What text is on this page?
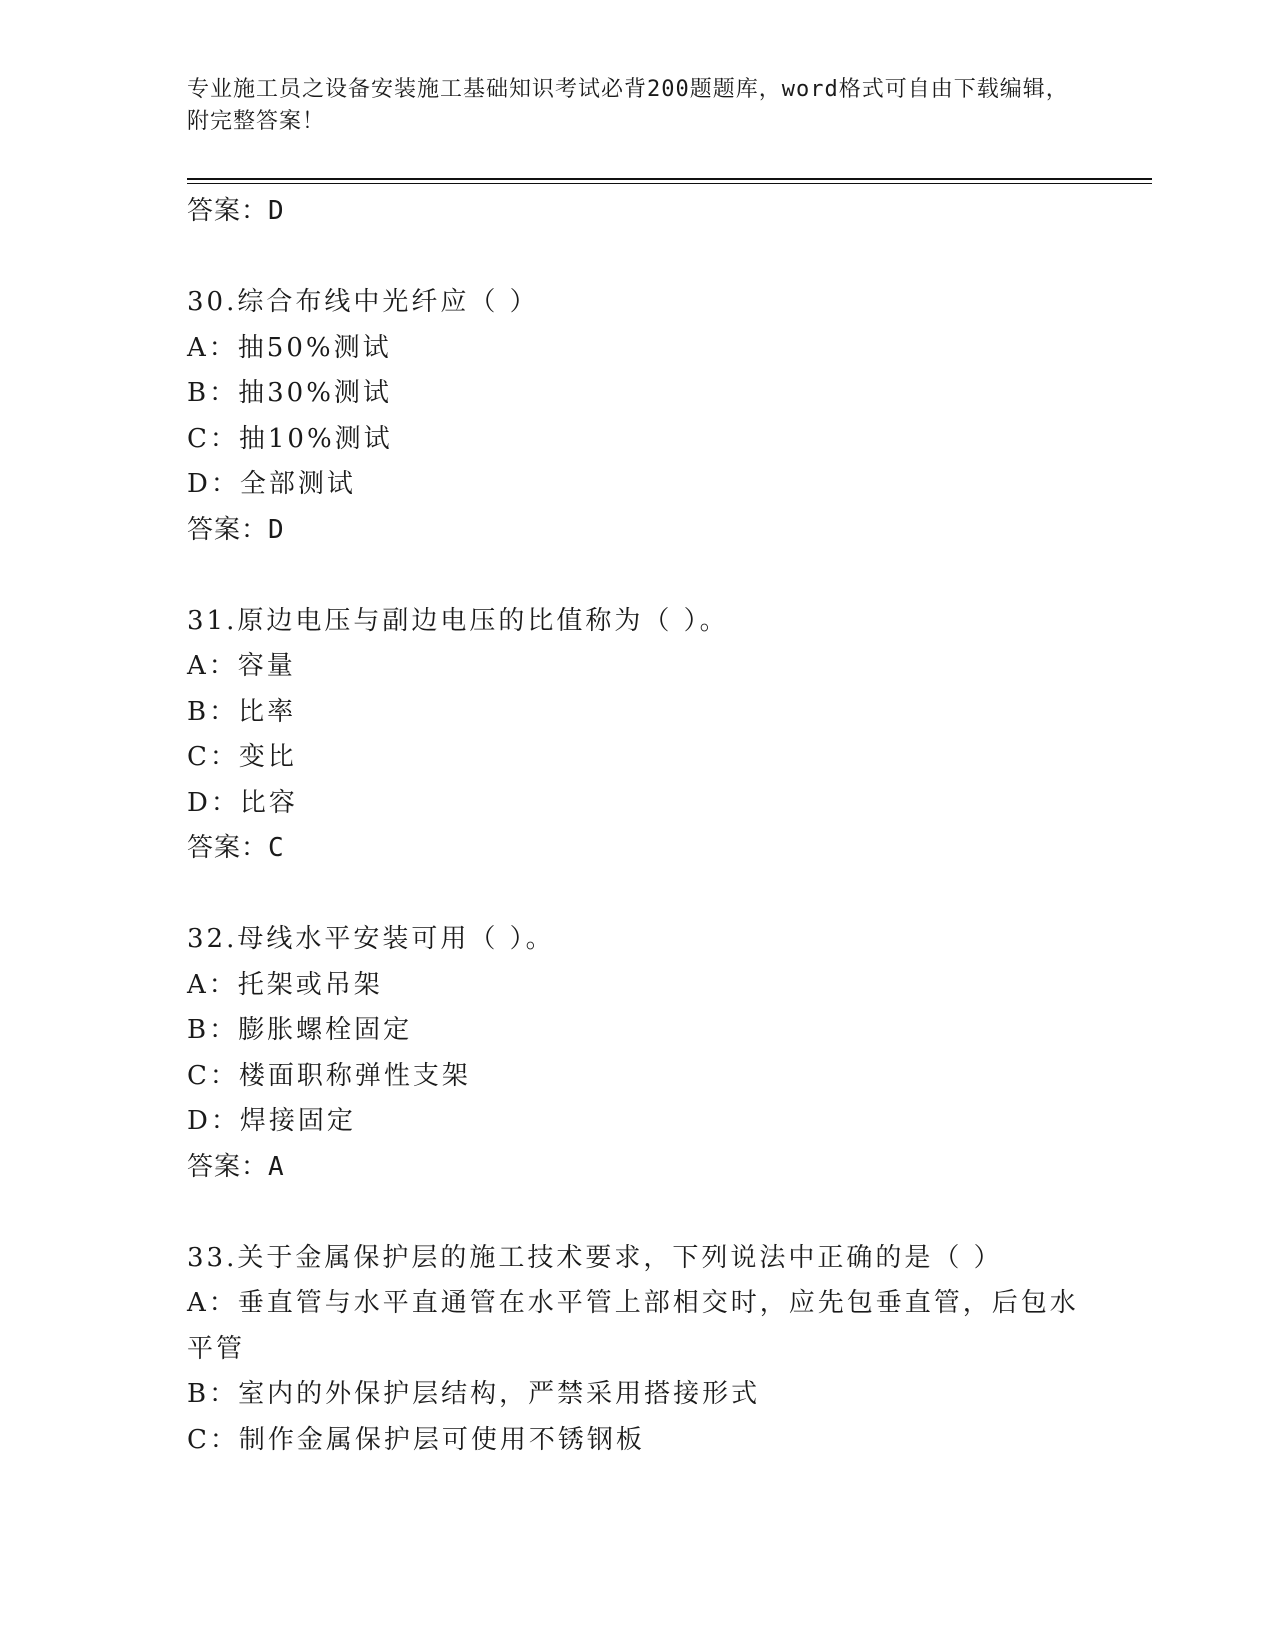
专业施工员之设备安装施工基础知识考试必背200题题库，word格式可自由下载编辑，附完整答案！
答案：D
30.综合布线中光纤应（ ）
A：抽50%测试
B：抽30%测试
C：抽10%测试
D：全部测试
答案：D
31.原边电压与副边电压的比值称为（ ）。
A：容量
B：比率
C：变比
D：比容
答案：C
32.母线水平安装可用（ ）。
A：托架或吊架
B：膨胀螺栓固定
C：楼面职称弹性支架
D：焊接固定
答案：A
33.关于金属保护层的施工技术要求，下列说法中正确的是（ ）
A：垂直管与水平直通管在水平管上部相交时，应先包垂直管，后包水平管
B：室内的外保护层结构，严禁采用搭接形式
C：制作金属保护层可使用不锈钢板
